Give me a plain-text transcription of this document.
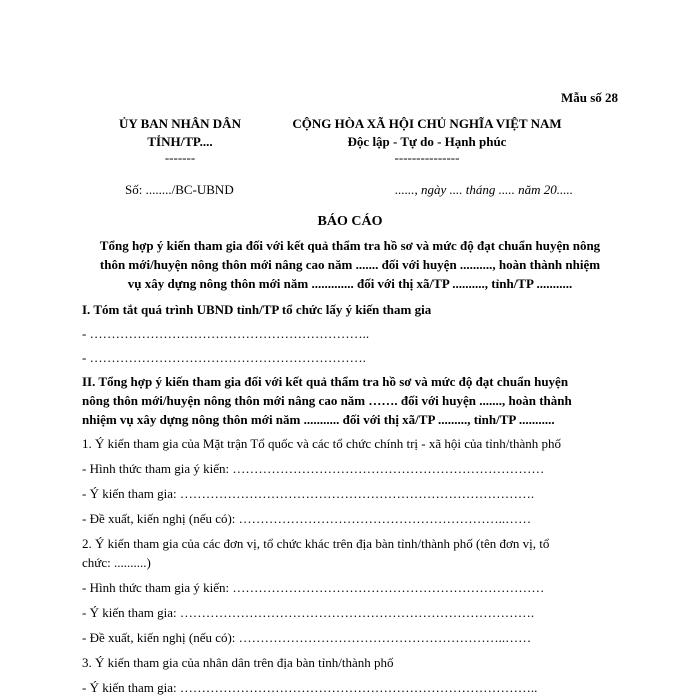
Mẫu số 28
ỦY BAN NHÂN DÂN
TỈNH/TP....
-------
CỘNG HÒA XÃ HỘI CHỦ NGHĨA VIỆT NAM
Độc lập - Tự do - Hạnh phúc
---------------
Số: ......../BC-UBND	......, ngày .... tháng ..... năm 20.....
BÁO CÁO
Tổng hợp ý kiến tham gia đối với kết quả thẩm tra hồ sơ và mức độ đạt chuẩn huyện nông
thôn mới/huyện nông thôn mới nâng cao năm ....... đối với huyện .........., hoàn thành nhiệm
vụ xây dựng nông thôn mới năm ............. đối với thị xã/TP .........., tỉnh/TP ...........
I. Tóm tắt quá trình UBND tỉnh/TP tổ chức lấy ý kiến tham gia
- ………………………………………………………..
- ……………………………………………………….
II. Tổng hợp ý kiến tham gia đối với kết quả thẩm tra hồ sơ và mức độ đạt chuẩn huyện
nông thôn mới/huyện nông thôn mới nâng cao năm ……. đối với huyện ......., hoàn thành
nhiệm vụ xây dựng nông thôn mới năm ........... đối với thị xã/TP ........., tỉnh/TP ...........
1. Ý kiến tham gia của Mặt trận Tổ quốc và các tổ chức chính trị - xã hội của tỉnh/thành phố
- Hình thức tham gia ý kiến: ………………………………………………………………
- Ý kiến tham gia: ……………………………………………………………………….
- Đề xuất, kiến nghị (nếu có): ……………………………………………………..……
2. Ý kiến tham gia của các đơn vị, tổ chức khác trên địa bàn tỉnh/thành phố (tên đơn vị, tổ
chức: ..........)
- Hình thức tham gia ý kiến: ………………………………………………………………
- Ý kiến tham gia: ……………………………………………………………………….
- Đề xuất, kiến nghị (nếu có): ……………………………………………………..……
3. Ý kiến tham gia của nhân dân trên địa bàn tỉnh/thành phố
- Ý kiến tham gia: ………………………………………………………………………..
